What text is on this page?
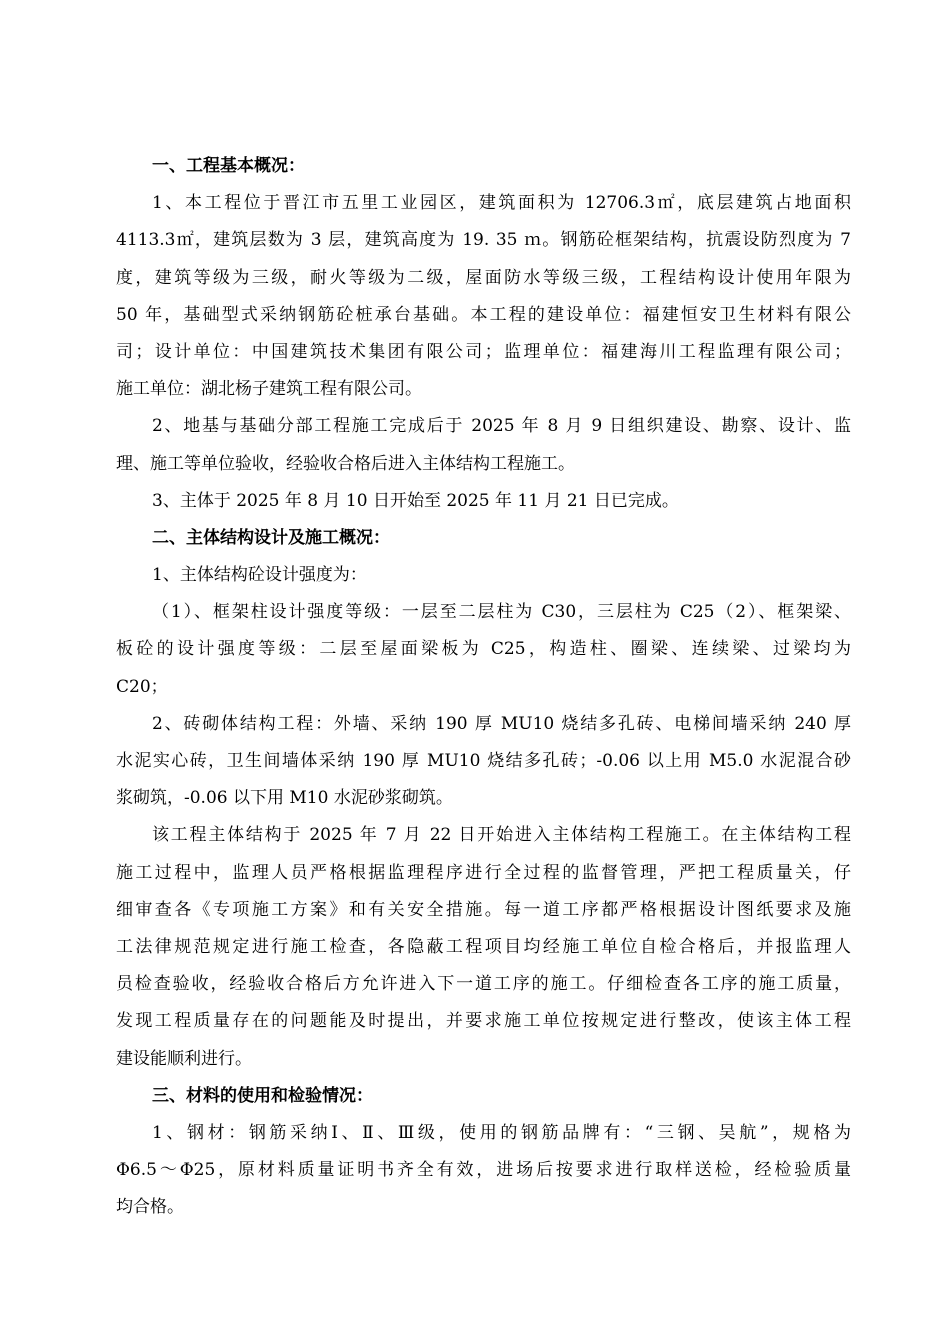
一、工程基本概况：
1、本工程位于晋江市五里工业园区，建筑面积为 12706.3㎡，底层建筑占地面积
4113.3㎡，建筑层数为 3 层，建筑高度为 19. 35 ｍ。钢筋砼框架结构，抗震设防烈度为 7
度，建筑等级为三级，耐火等级为二级，屋面防水等级三级，工程结构设计使用年限为
50 年，基础型式采纳钢筋砼桩承台基础。本工程的建设单位：福建恒安卫生材料有限公
司；设计单位：中国建筑技术集团有限公司；监理单位：福建海川工程监理有限公司；
施工单位：湖北杨子建筑工程有限公司。
2、地基与基础分部工程施工完成后于 2025 年 8 月 9 日组织建设、勘察、设计、监
理、施工等单位验收，经验收合格后进入主体结构工程施工。
3、主体于 2025 年 8 月 10 日开始至 2025 年 11 月 21 日已完成。
二、主体结构设计及施工概况：
1、主体结构砼设计强度为：
（1）、框架柱设计强度等级：一层至二层柱为 C30，三层柱为 C25（2）、框架梁、
板砼的设计强度等级：二层至屋面梁板为 C25，构造柱、圈梁、连续梁、过梁均为
C20；
2、砖砌体结构工程：外墙、采纳 190 厚 MU10 烧结多孔砖、电梯间墙采纳 240 厚
水泥实心砖，卫生间墙体采纳 190 厚 MU10 烧结多孔砖；-0.06 以上用 M5.0 水泥混合砂
浆砌筑，-0.06 以下用 M10 水泥砂浆砌筑。
该工程主体结构于 2025 年 7 月 22 日开始进入主体结构工程施工。在主体结构工程
施工过程中，监理人员严格根据监理程序进行全过程的监督管理，严把工程质量关，仔
细审查各《专项施工方案》和有关安全措施。每一道工序都严格根据设计图纸要求及施
工法律规范规定进行施工检查，各隐蔽工程项目均经施工单位自检合格后，并报监理人
员检查验收，经验收合格后方允许进入下一道工序的施工。仔细检查各工序的施工质量，
发现工程质量存在的问题能及时提出，并要求施工单位按规定进行整改，使该主体工程
建设能顺利进行。
三、材料的使用和检验情况：
1、钢材：钢筋采纳Ⅰ、Ⅱ、Ⅲ级，使用的钢筋品牌有：“三钢、吴航”，规格为
Φ6.5～Φ25，原材料质量证明书齐全有效，进场后按要求进行取样送检，经检验质量
均合格。
